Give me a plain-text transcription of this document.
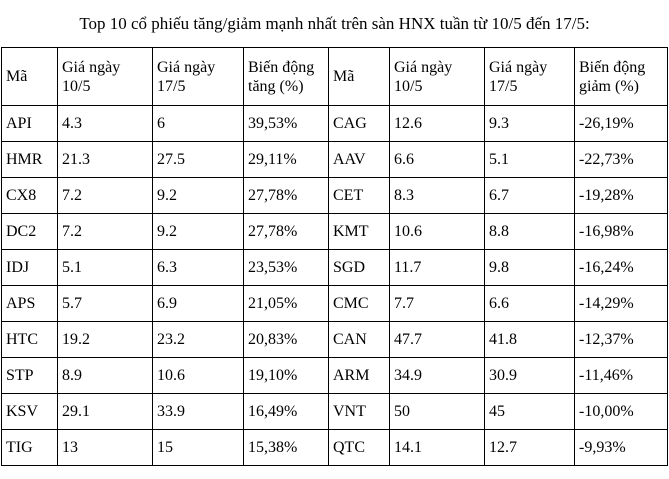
Top 10 cổ phiếu tăng/giảm mạnh nhất trên sàn HNX tuần từ 10/5 đến 17/5:
Mã	Giá ngày 10/5	Giá ngày 17/5	Biến động tăng (%)	Mã	Giá ngày 10/5	Giá ngày 17/5	Biến động giảm (%)
API	4.3	6	39,53%	CAG	12.6	9.3	-26,19%
HMR	21.3	27.5	29,11%	AAV	6.6	5.1	-22,73%
CX8	7.2	9.2	27,78%	CET	8.3	6.7	-19,28%
DC2	7.2	9.2	27,78%	KMT	10.6	8.8	-16,98%
IDJ	5.1	6.3	23,53%	SGD	11.7	9.8	-16,24%
APS	5.7	6.9	21,05%	CMC	7.7	6.6	-14,29%
HTC	19.2	23.2	20,83%	CAN	47.7	41.8	-12,37%
STP	8.9	10.6	19,10%	ARM	34.9	30.9	-11,46%
KSV	29.1	33.9	16,49%	VNT	50	45	-10,00%
TIG	13	15	15,38%	QTC	14.1	12.7	-9,93%
